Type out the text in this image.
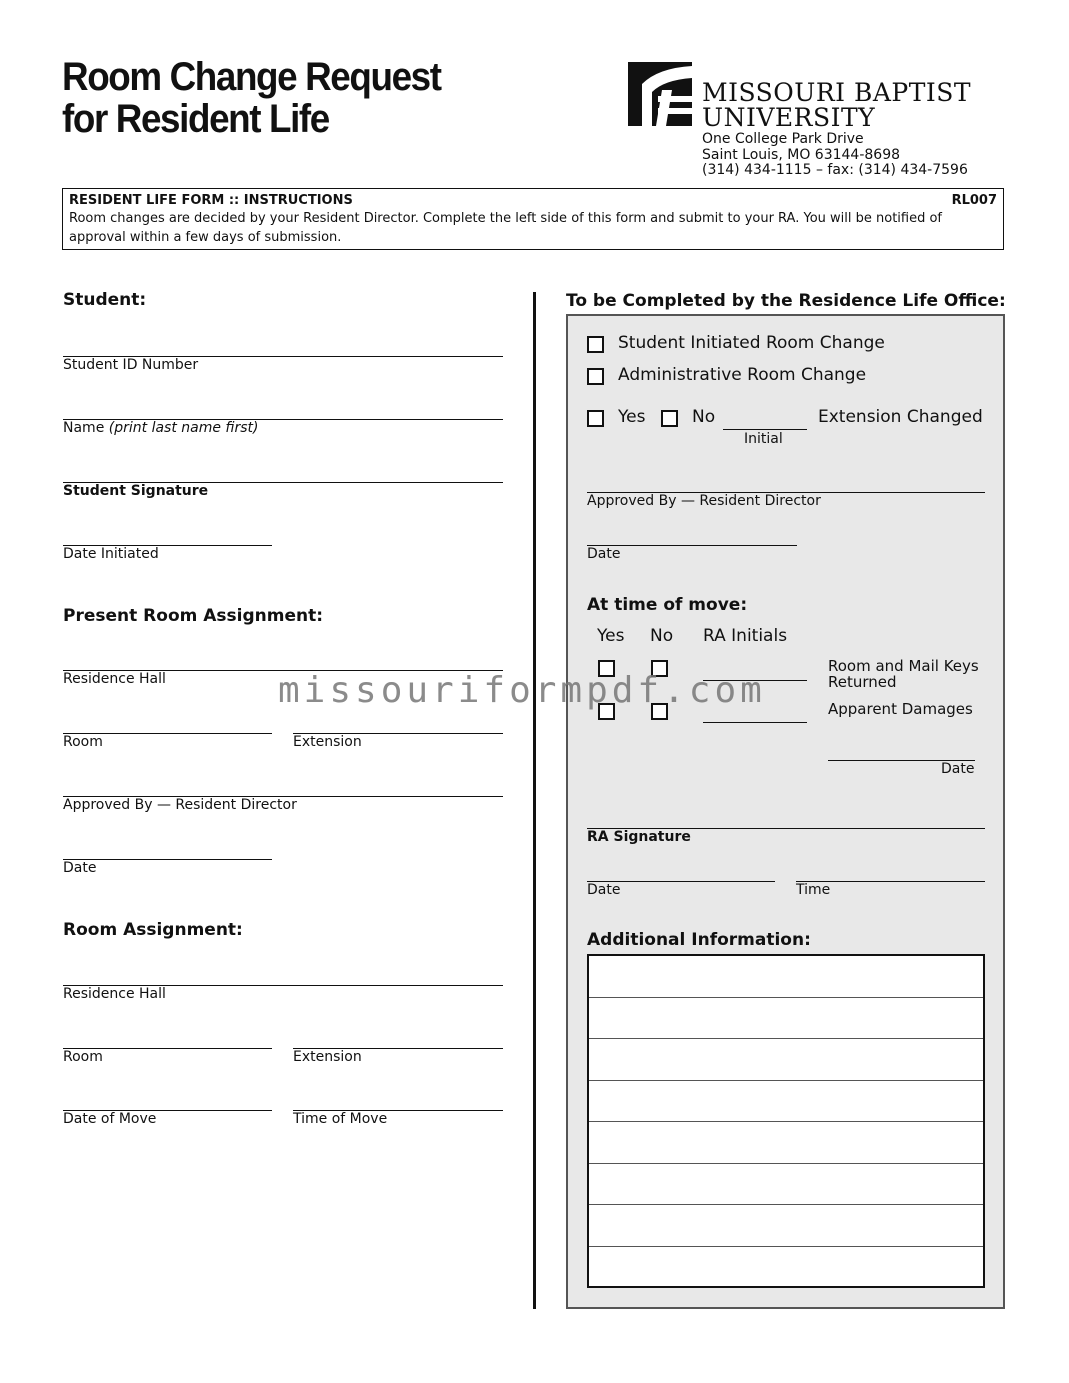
Room Change Request
for Resident Life
MISSOURI BAPTIST
UNIVERSITY
One College Park Drive
Saint Louis, MO 63144-8698
(314) 434-1115 – fax: (314) 434-7596
RESIDENT LIFE FORM :: INSTRUCTIONS	RL007
Room changes are decided by your Resident Director. Complete the left side of this form and submit to your RA. You will be notified of approval within a few days of submission.
Student:
Student ID Number
Name (print last name first)
Student Signature
Date Initiated
Present Room Assignment:
Residence Hall
Room	Extension
Approved By — Resident Director
Date
Room Assignment:
Residence Hall
Room	Extension
Date of Move	Time of Move
To be Completed by the Residence Life Office:
Student Initiated Room Change
Administrative Room Change
Yes	No
Initial
Extension Changed
Approved By — Resident Director
Date
At time of move:
Yes No RA Initials
Room and Mail Keys
Returned
Apparent Damages
Date
RA Signature
Date	Time
Additional Information:
missouriformpdf.com
